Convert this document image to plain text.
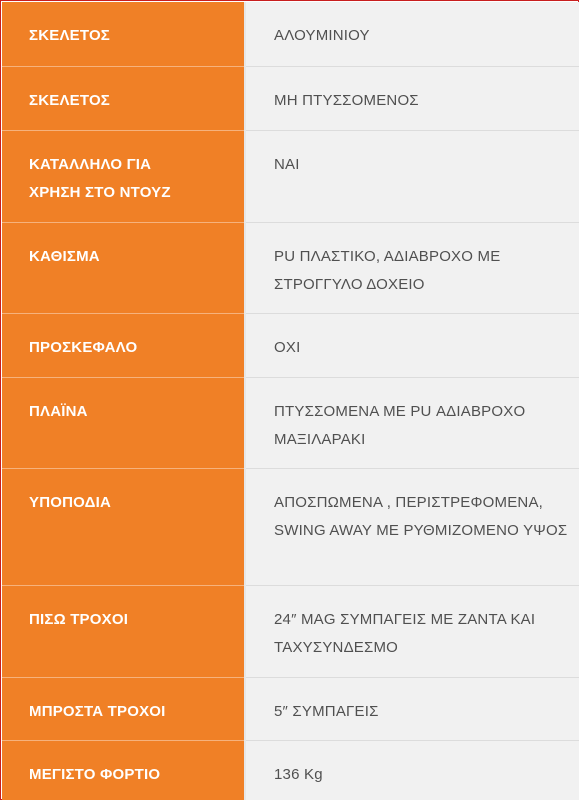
ΣΚΕΛΕΤΟΣ	ΑΛΟΥΜΙΝΙΟΥ
ΣΚΕΛΕΤΟΣ	ΜΗ ΠΤΥΣΣΟΜΕΝΟΣ
ΚΑΤΑΛΛΗΛΟ ΓΙΑ ΧΡΗΣΗ ΣΤΟ ΝΤΟΥΖ	ΝΑΙ
ΚΑΘΙΣΜΑ	PU ΠΛΑΣΤΙΚΟ, ΑΔΙΑΒΡΟΧΟ ΜΕ ΣΤΡΟΓΓΥΛΟ ΔΟΧΕΙΟ
ΠΡΟΣΚΕΦΑΛΟ	ΟΧΙ
ΠΛΑΪΝΑ	ΠΤΥΣΣΟΜΕΝΑ ΜΕ PU ΑΔΙΑΒΡΟΧΟ ΜΑΞΙΛΑΡΑΚΙ
ΥΠΟΠΟΔΙΑ	ΑΠΟΣΠΩΜΕΝΑ , ΠΕΡΙΣΤΡΕΦΟΜΕΝΑ, SWING AWAY ΜΕ ΡΥΘΜΙΖΟΜΕΝΟ ΥΨΟΣ
ΠΙΣΩ ΤΡΟΧΟΙ	24″ MAG ΣΥΜΠΑΓΕΙΣ ΜΕ ΖΑΝΤΑ ΚΑΙ ΤΑΧΥΣΥΝΔΕΣΜΟ
ΜΠΡΟΣΤΑ ΤΡΟΧΟΙ	5″ ΣΥΜΠΑΓΕΙΣ
ΜΕΓΙΣΤΟ ΦΟΡΤΙΟ	136 Kg
